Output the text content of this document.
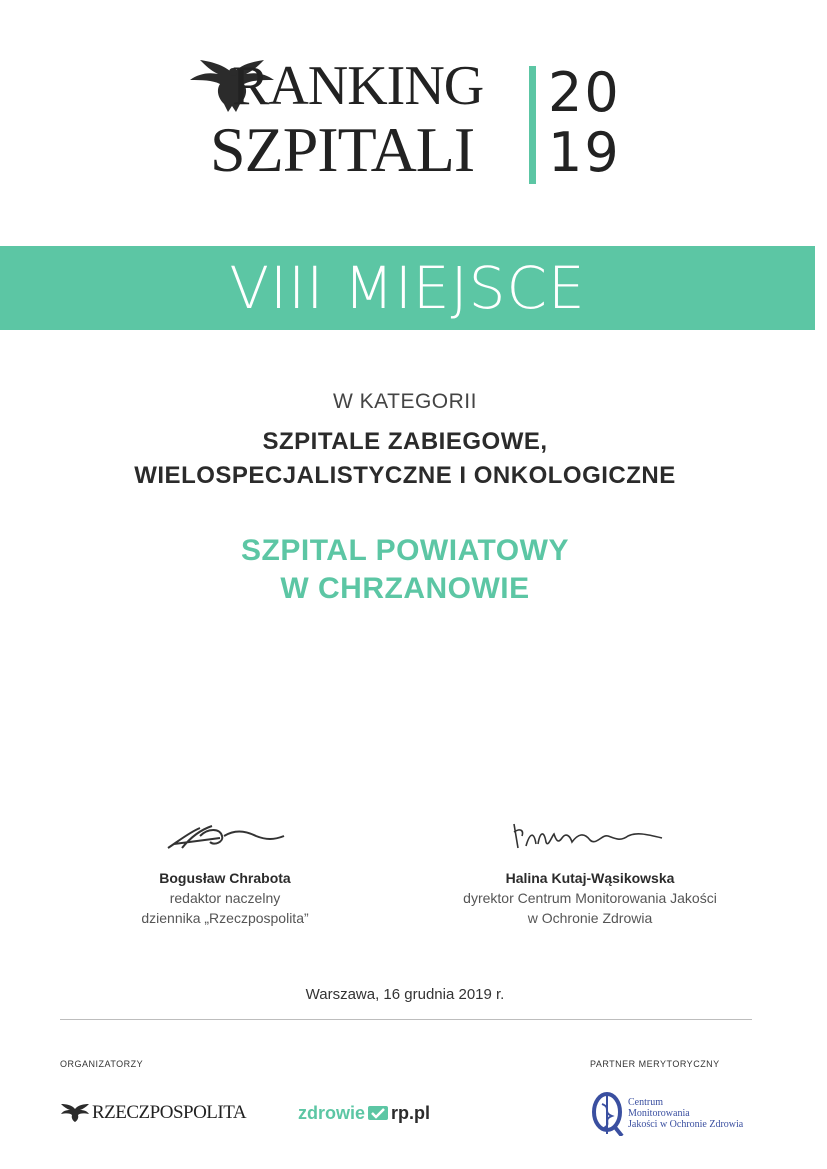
RANKING
SZPITALI
20
19
VIII MIEJSCE
W KATEGORII
SZPITALE ZABIEGOWE,
WIELOSPECJALISTYCZNE I ONKOLOGICZNE
SZPITAL POWIATOWY
W CHRZANOWIE
Bogusław Chrabota
redaktor naczelny
dziennika „Rzeczpospolita”
Halina Kutaj-Wąsikowska
dyrektor Centrum Monitorowania Jakości
w Ochronie Zdrowia
Warszawa, 16 grudnia 2019 r.
ORGANIZATORZY	PARTNER MERYTORYCZNY
RZECZPOSPOLITA	zdrowie rp.pl
Centrum
Monitorowania
Jakości w Ochronie Zdrowia
